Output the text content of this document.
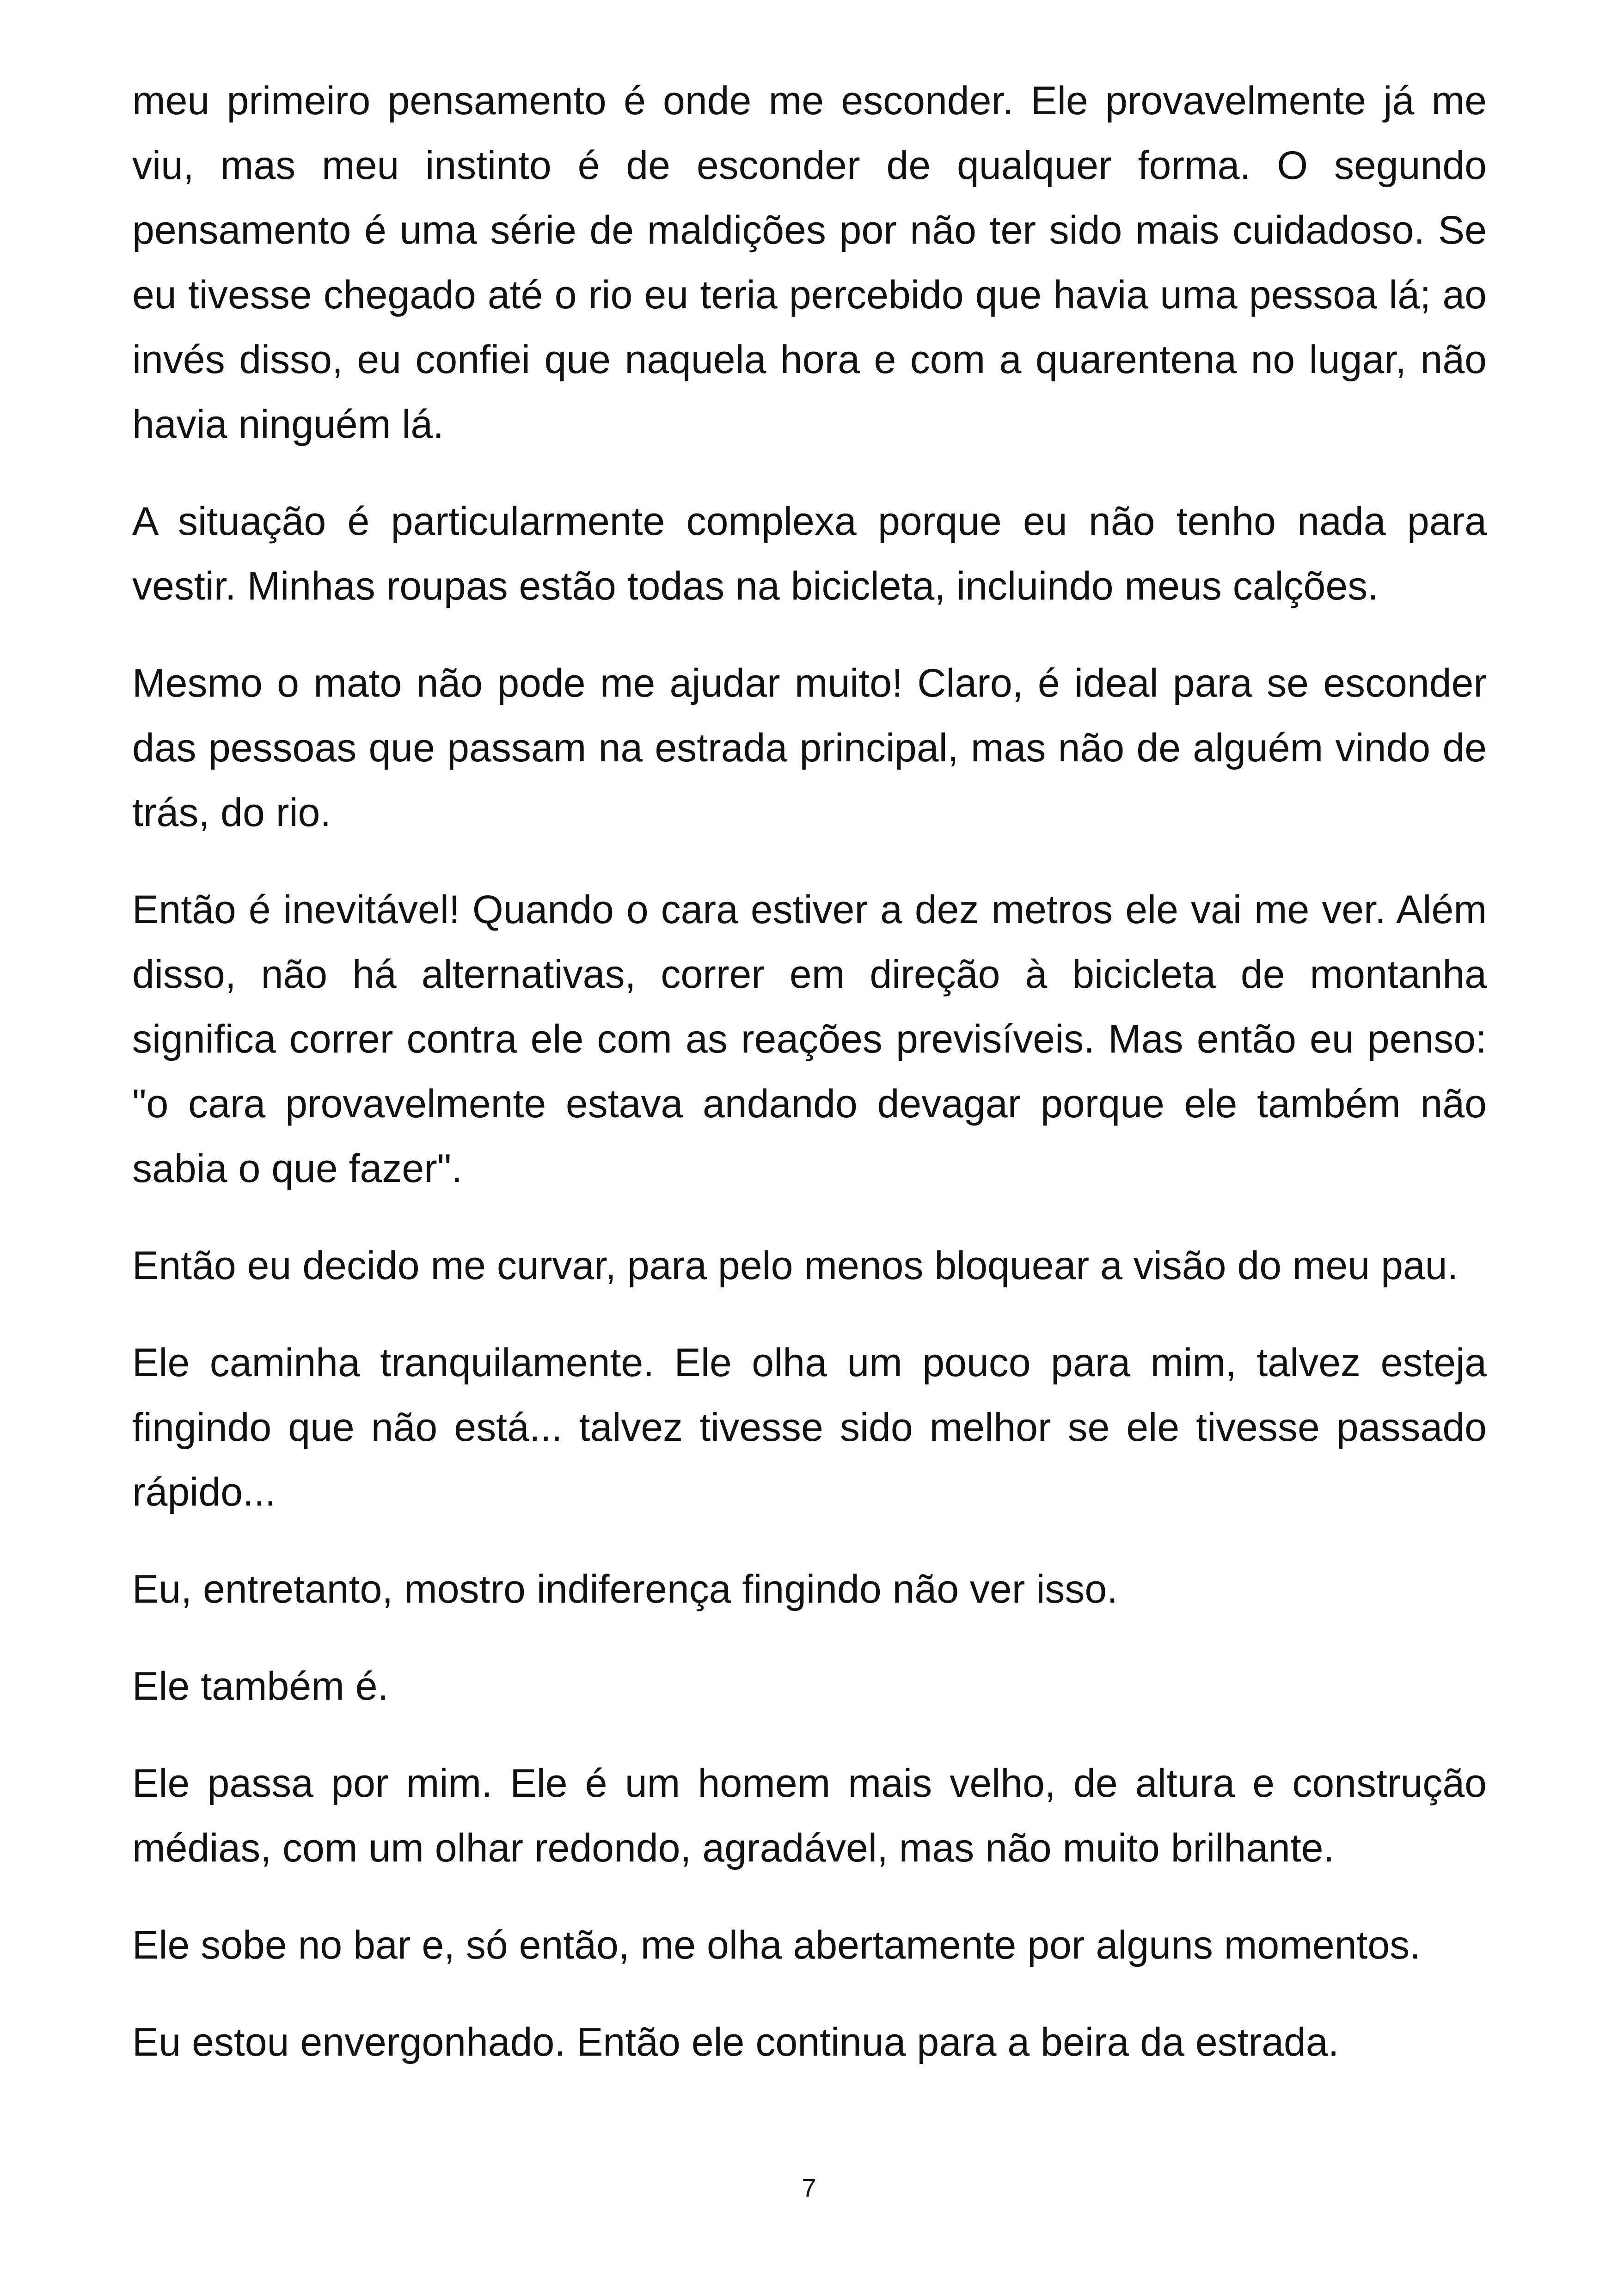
meu primeiro pensamento é onde me esconder. Ele provavelmente já me viu, mas meu instinto é de esconder de qualquer forma. O segundo pensamento é uma série de maldições por não ter sido mais cuidadoso. Se eu tivesse chegado até o rio eu teria percebido que havia uma pessoa lá; ao invés disso, eu confiei que naquela hora e com a quarentena no lugar, não havia ninguém lá.

A situação é particularmente complexa porque eu não tenho nada para vestir. Minhas roupas estão todas na bicicleta, incluindo meus calções.

Mesmo o mato não pode me ajudar muito! Claro, é ideal para se esconder das pessoas que passam na estrada principal, mas não de alguém vindo de trás, do rio.

Então é inevitável! Quando o cara estiver a dez metros ele vai me ver. Além disso, não há alternativas, correr em direção à bicicleta de montanha significa correr contra ele com as reações previsíveis. Mas então eu penso: "o cara provavelmente estava andando devagar porque ele também não sabia o que fazer".

Então eu decido me curvar, para pelo menos bloquear a visão do meu pau.

Ele caminha tranquilamente. Ele olha um pouco para mim, talvez esteja fingindo que não está... talvez tivesse sido melhor se ele tivesse passado rápido...

Eu, entretanto, mostro indiferença fingindo não ver isso.

Ele também é.

Ele passa por mim. Ele é um homem mais velho, de altura e construção médias, com um olhar redondo, agradável, mas não muito brilhante.

Ele sobe no bar e, só então, me olha abertamente por alguns momentos.

Eu estou envergonhado. Então ele continua para a beira da estrada.

7
